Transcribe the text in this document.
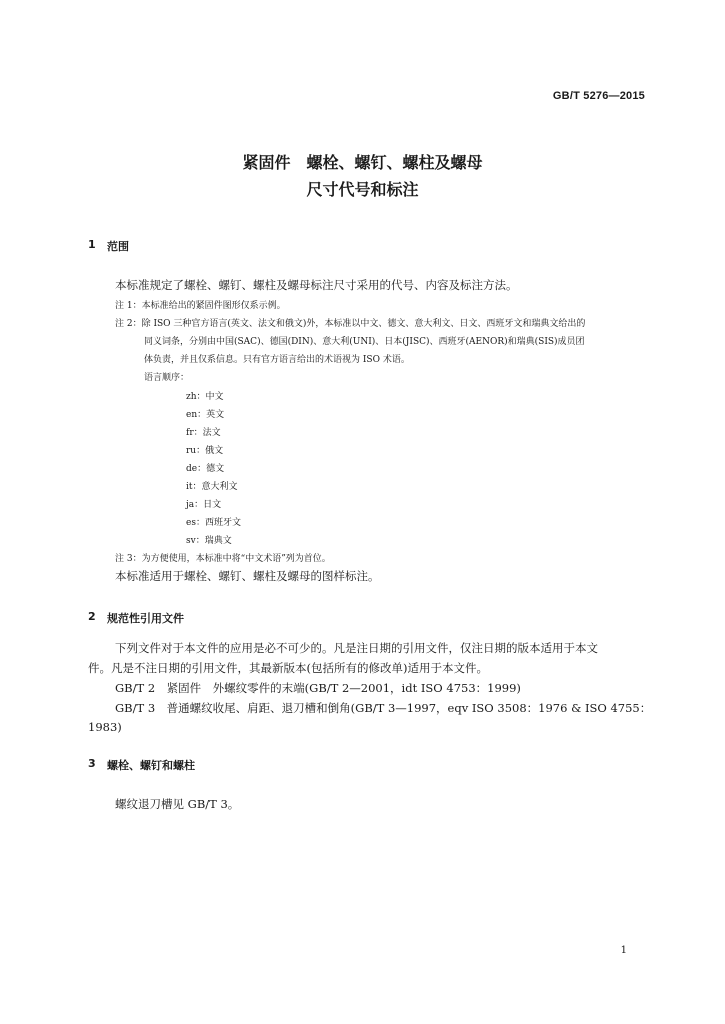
GB/T 5276—2015
紧固件　螺栓、螺钉、螺柱及螺母
尺寸代号和标注
1 范围
本标准规定了螺栓、螺钉、螺柱及螺母标注尺寸采用的代号、内容及标注方法。
注 1：本标准给出的紧固件图形仅系示例。
注 2：除 ISO 三种官方语言(英文、法文和俄文)外，本标准以中文、德文、意大利文、日文、西班牙文和瑞典文给出的
同义词条，分别由中国(SAC)、德国(DIN)、意大利(UNI)、日本(JISC)、西班牙(AENOR)和瑞典(SIS)成员团
体负责，并且仅系信息。只有官方语言给出的术语视为 ISO 术语。
语言顺序：
zh：中文
en：英文
fr：法文
ru：俄文
de：德文
it：意大利文
ja：日文
es：西班牙文
sv：瑞典文
注 3：为方便使用，本标准中将“中文术语”列为首位。
本标准适用于螺栓、螺钉、螺柱及螺母的图样标注。
2 规范性引用文件
下列文件对于本文件的应用是必不可少的。凡是注日期的引用文件，仅注日期的版本适用于本文
件。凡是不注日期的引用文件，其最新版本(包括所有的修改单)适用于本文件。
GB/T 2　紧固件　外螺纹零件的末端(GB/T 2—2001，idt ISO 4753：1999)
GB/T 3　普通螺纹收尾、肩距、退刀槽和倒角(GB/T 3—1997，eqv ISO 3508：1976 & ISO 4755：
1983)
3 螺栓、螺钉和螺柱
螺纹退刀槽见 GB/T 3。
1
